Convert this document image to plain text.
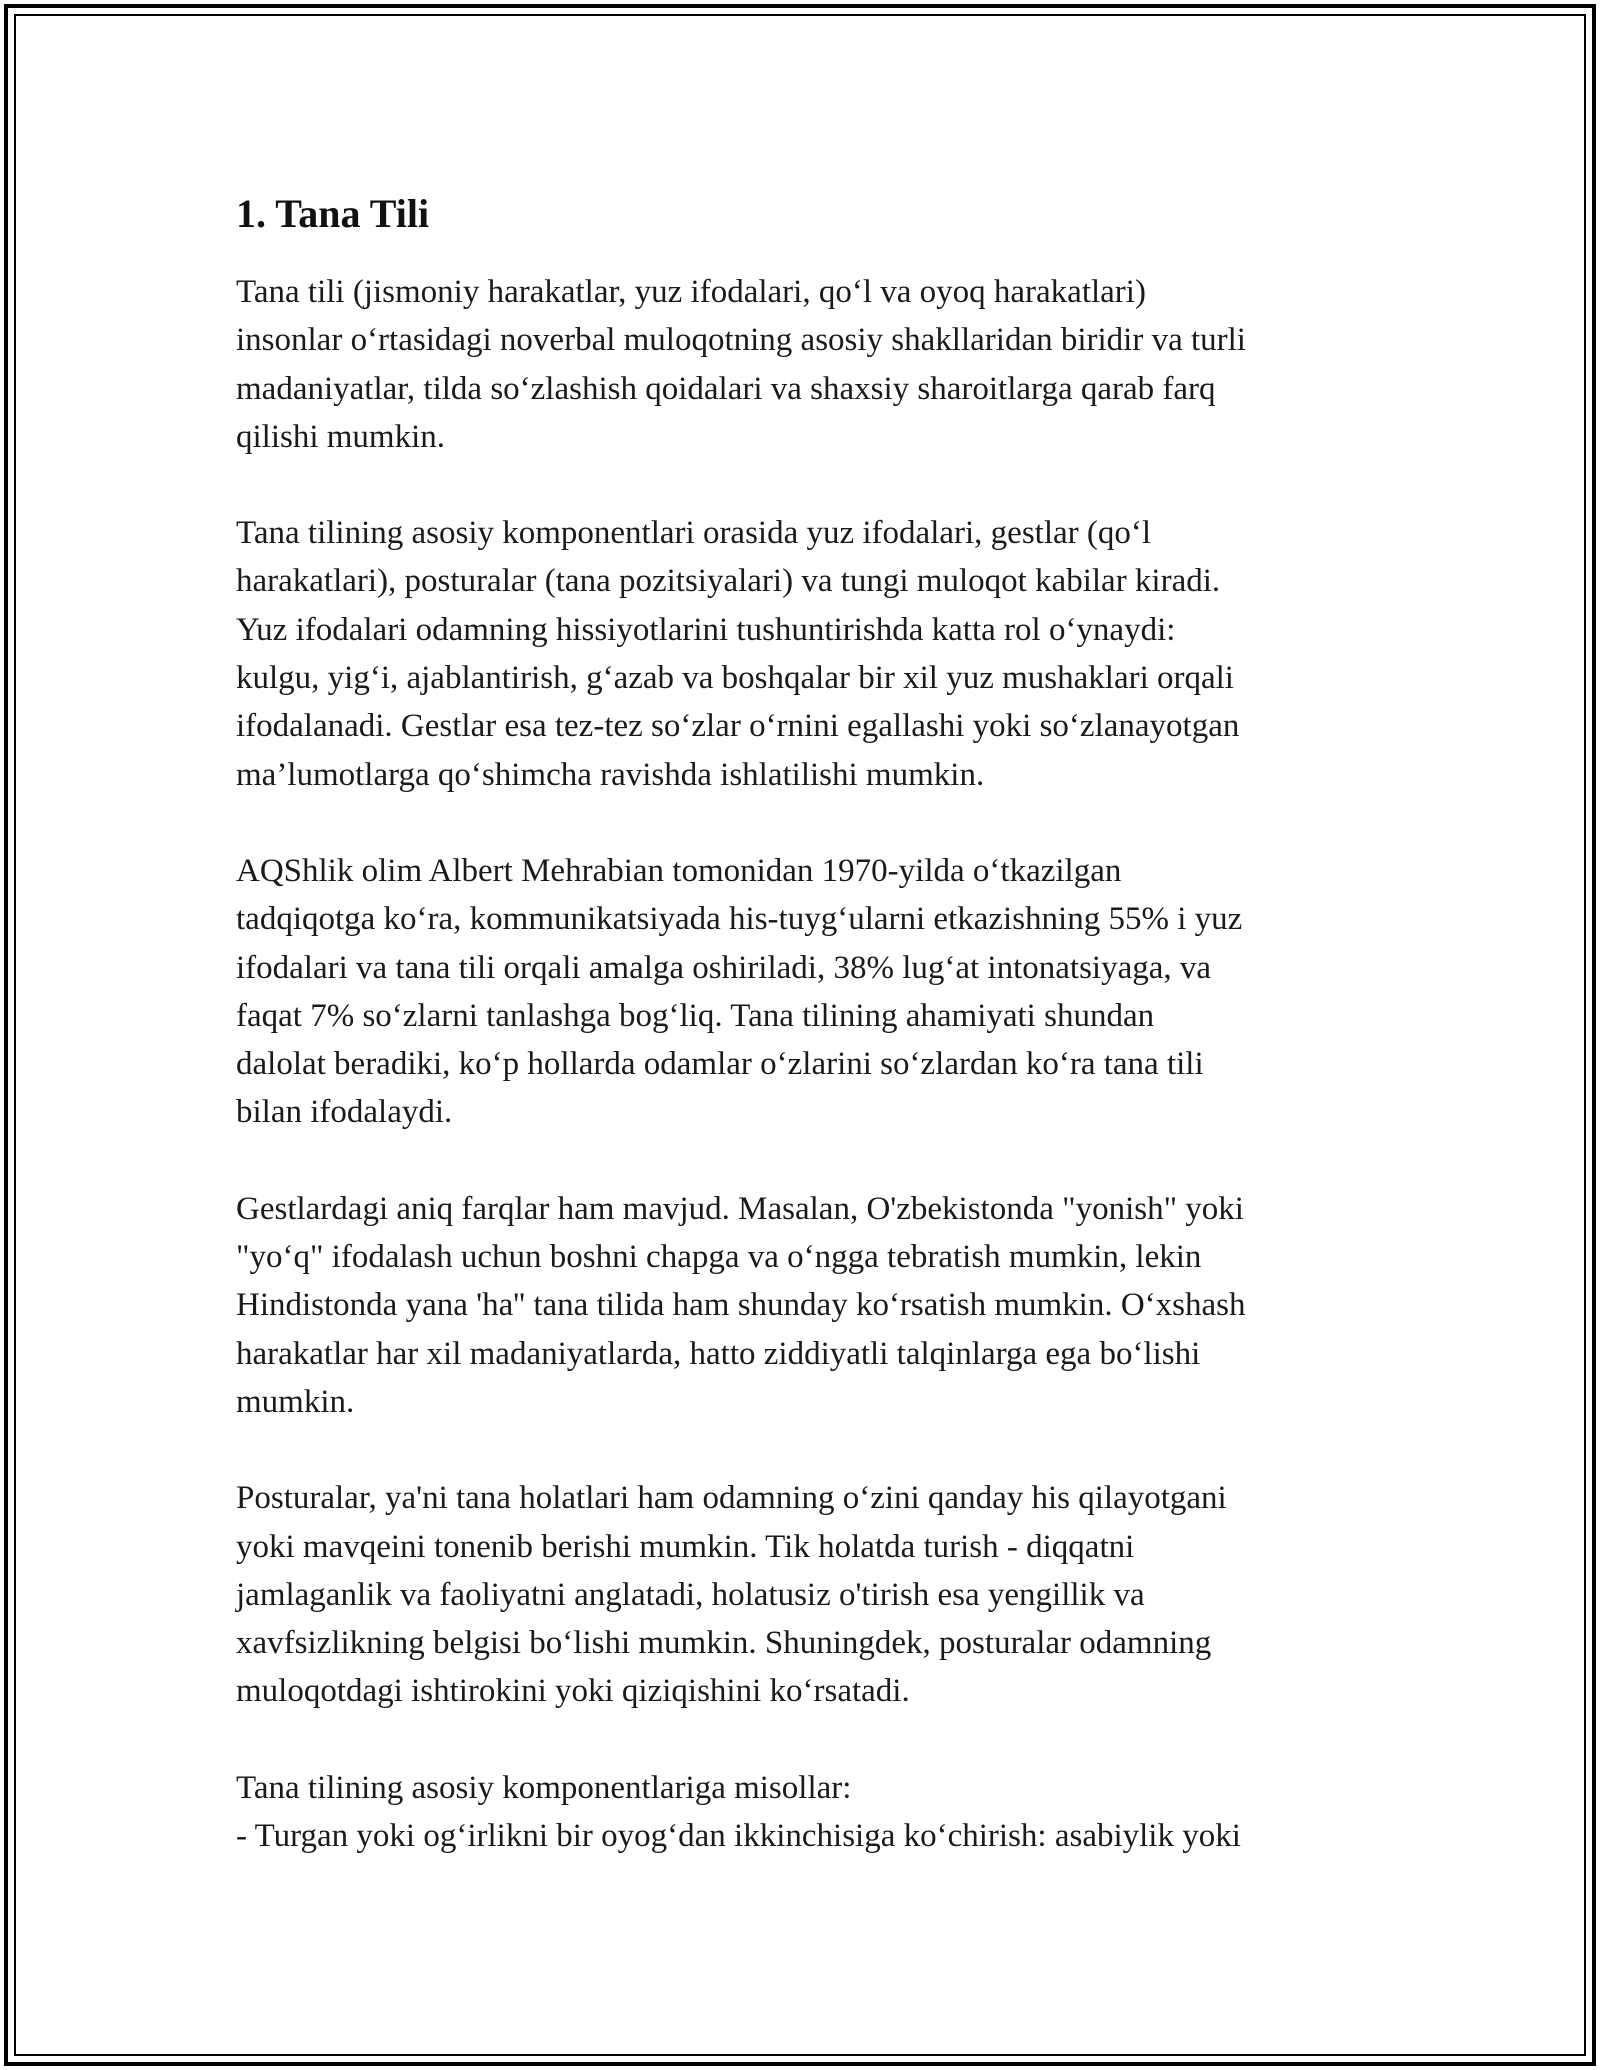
1. Tana Tili

Tana tili (jismoniy harakatlar, yuz ifodalari, qo‘l va oyoq harakatlari)
insonlar o‘rtasidagi noverbal muloqotning asosiy shakllaridan biridir va turli
madaniyatlar, tilda so‘zlashish qoidalari va shaxsiy sharoitlarga qarab farq
qilishi mumkin.

Tana tilining asosiy komponentlari orasida yuz ifodalari, gestlar (qo‘l
harakatlari), posturalar (tana pozitsiyalari) va tungi muloqot kabilar kiradi.
Yuz ifodalari odamning hissiyotlarini tushuntirishda katta rol o‘ynaydi:
kulgu, yig‘i, ajablantirish, g‘azab va boshqalar bir xil yuz mushaklari orqali
ifodalanadi. Gestlar esa tez-tez so‘zlar o‘rnini egallashi yoki so‘zlanayotgan
ma’lumotlarga qo‘shimcha ravishda ishlatilishi mumkin.

AQShlik olim Albert Mehrabian tomonidan 1970-yilda o‘tkazilgan
tadqiqotga ko‘ra, kommunikatsiyada his-tuyg‘ularni etkazishning 55% i yuz
ifodalari va tana tili orqali amalga oshiriladi, 38% lug‘at intonatsiyaga, va
faqat 7% so‘zlarni tanlashga bog‘liq. Tana tilining ahamiyati shundan
dalolat beradiki, ko‘p hollarda odamlar o‘zlarini so‘zlardan ko‘ra tana tili
bilan ifodalaydi.

Gestlardagi aniq farqlar ham mavjud. Masalan, O'zbekistonda "yonish" yoki
"yo‘q" ifodalash uchun boshni chapga va o‘ngga tebratish mumkin, lekin
Hindistonda yana 'ha'' tana tilida ham shunday ko‘rsatish mumkin. O‘xshash
harakatlar har xil madaniyatlarda, hatto ziddiyatli talqinlarga ega bo‘lishi
mumkin.

Posturalar, ya'ni tana holatlari ham odamning o‘zini qanday his qilayotgani
yoki mavqeini tonenib berishi mumkin. Tik holatda turish - diqqatni
jamlaganlik va faoliyatni anglatadi, holatusiz o'tirish esa yengillik va
xavfsizlikning belgisi bo‘lishi mumkin. Shuningdek, posturalar odamning
muloqotdagi ishtirokini yoki qiziqishini ko‘rsatadi.

Tana tilining asosiy komponentlariga misollar:
- Turgan yoki og‘irlikni bir oyog‘dan ikkinchisiga ko‘chirish: asabiylik yoki
